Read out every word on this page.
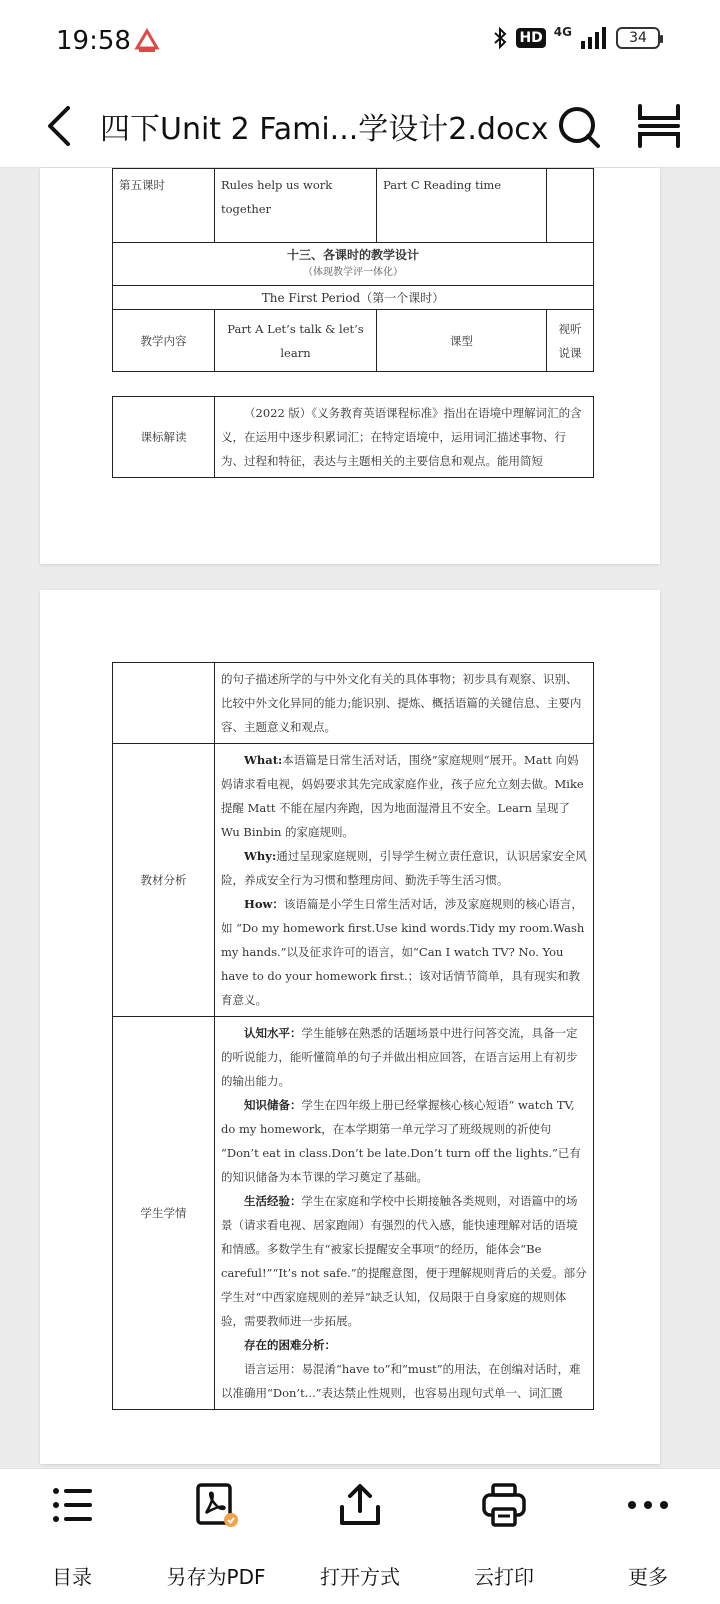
19:58	HD 4G	34
四下Unit 2 Fami...学设计2.docx
第五课时	Rules help us work together	Part C Reading time	

十三、各课时的教学设计
（体现教学评一体化）			

The First Period（第一个课时）			
教学内容	Part A Let’s talk & let’s learn	课型	视听说课
课标解读	（2022 版）《义务教育英语课程标准》指出在语境中理解词汇的含义，在运用中逐步积累词汇；在特定语境中，运用词汇描述事物、行为、过程和特征，表达与主题相关的主要信息和观点。能用简短
	的句子描述所学的与中外文化有关的具体事物；初步具有观察、识别、比较中外文化异同的能力;能识别、提炼、概括语篇的关键信息、主要内容、主题意义和观点。
教材分析	What:本语篇是日常生活对话，围绕”家庭规则“展开。Matt 向妈妈请求看电视，妈妈要求其先完成家庭作业，孩子应允立刻去做。Mike 提醒 Matt 不能在屋内奔跑，因为地面湿滑且不安全。Learn 呈现了 Wu Binbin 的家庭规则。
Why:通过呈现家庭规则，引导学生树立责任意识，认识居家安全风险，养成安全行为习惯和整理房间、勤洗手等生活习惯。
How：该语篇是小学生日常生活对话，涉及家庭规则的核心语言，如 “Do my homework first.Use kind words.Tidy my room.Wash my hands.”以及征求许可的语言，如“Can I watch TV? No. You have to do your homework first.；该对话情节简单，具有现实和教育意义。

学生学情	认知水平：学生能够在熟悉的话题场景中进行问答交流，具备一定的听说能力，能听懂简单的句子并做出相应回答，在语言运用上有初步的输出能力。
知识储备：学生在四年级上册已经掌握核心核心短语“ watch TV, do my homework，在本学期第一单元学习了班级规则的祈使句 “Don’t eat in class.Don’t be late.Don’t turn off the lights.”已有的知识储备为本节课的学习奠定了基础。
生活经验：学生在家庭和学校中长期接触各类规则，对语篇中的场景（请求看电视、居家跑闹）有强烈的代入感，能快速理解对话的语境和情感。多数学生有“被家长提醒安全事项”的经历，能体会“Be careful!”“It’s not safe.”的提醒意图，便于理解规则背后的关爱。部分学生对“中西家庭规则的差异”缺乏认知，仅局限于自身家庭的规则体验，需要教师进一步拓展。
存在的困难分析：
语言运用：易混淆“have to”和“must”的用法，在创编对话时，难以准确用“Don’t...”表达禁止性规则，也容易出现句式单一、词汇匮
目录	另存为PDF	打开方式	云打印	更多
